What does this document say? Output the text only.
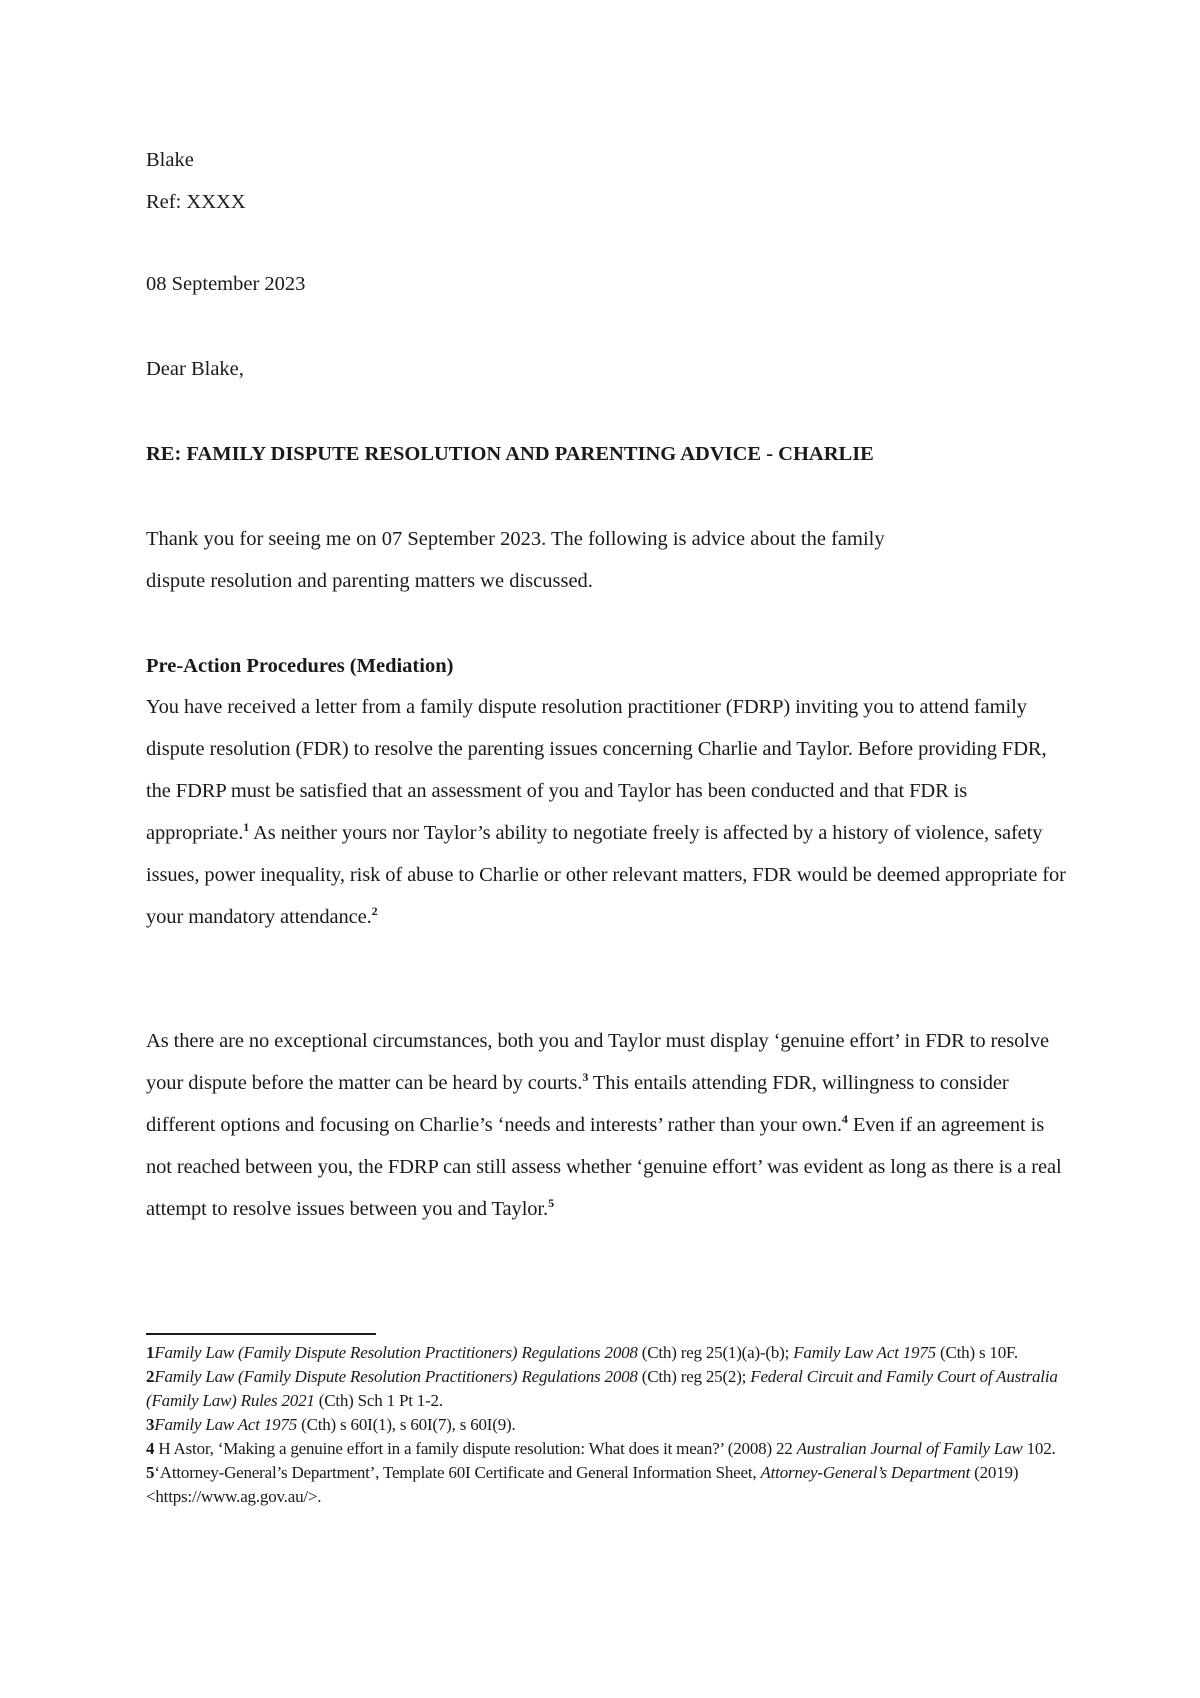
Blake
Ref: XXXX
08 September 2023
Dear Blake,
RE: FAMILY DISPUTE RESOLUTION AND PARENTING ADVICE - CHARLIE
Thank you for seeing me on 07 September 2023. The following is advice about the family
dispute resolution and parenting matters we discussed.
Pre-Action Procedures (Mediation)

You have received a letter from a family dispute resolution practitioner (FDRP) inviting you to attend family dispute resolution (FDR) to resolve the parenting issues concerning Charlie and Taylor. Before providing FDR, the FDRP must be satisfied that an assessment of you and Taylor has been conducted and that FDR is appropriate.$^1$ As neither yours nor Taylor’s ability to negotiate freely is affected by a history of violence, safety issues, power inequality, risk of abuse to Charlie or other relevant matters, FDR would be deemed appropriate for your mandatory attendance.$^2$

As there are no exceptional circumstances, both you and Taylor must display ‘genuine effort’ in FDR to resolve your dispute before the matter can be heard by courts.$^3$ This entails attending FDR, willingness to consider different options and focusing on Charlie’s ‘needs and interests’ rather than your own.$^4$ Even if an agreement is not reached between you, the FDRP can still assess whether ‘genuine effort’ was evident as long as there is a real attempt to resolve issues between you and Taylor.$^5$

1Family Law (Family Dispute Resolution Practitioners) Regulations 2008 (Cth) reg 25(1)(a)-(b); Family Law Act 1975 (Cth) s 10F.

2Family Law (Family Dispute Resolution Practitioners) Regulations 2008 (Cth) reg 25(2); Federal Circuit and Family Court of Australia (Family Law) Rules 2021 (Cth) Sch 1 Pt 1-2.

3Family Law Act 1975 (Cth) s 60I(1), s 60I(7), s 60I(9).

4 H Astor, ‘Making a genuine effort in a family dispute resolution: What does it mean?’ (2008) 22 Australian Journal of Family Law 102.

5‘Attorney-General’s Department’, Template 60I Certificate and General Information Sheet, Attorney-General’s Department (2019) <https://www.ag.gov.au/>.
